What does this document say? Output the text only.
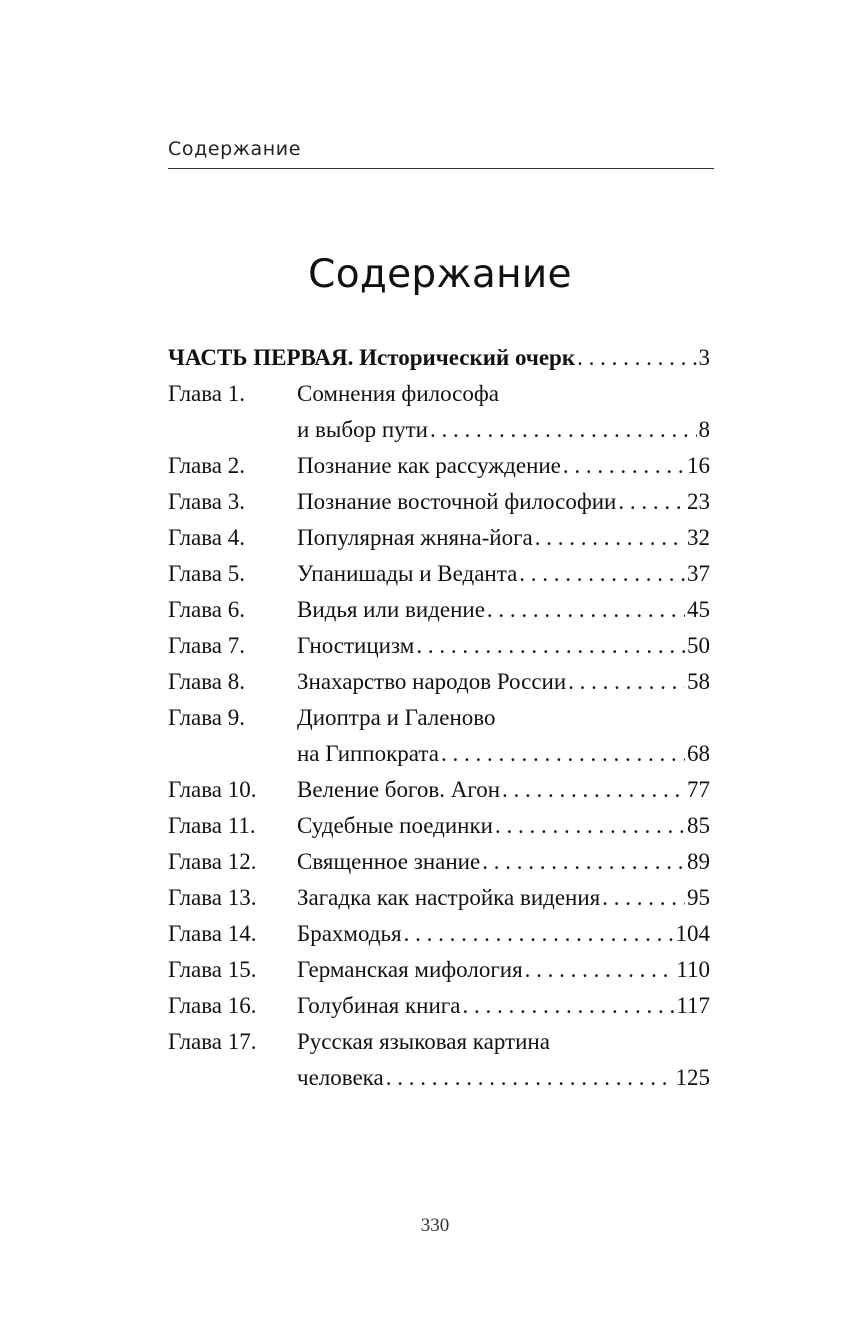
Содержание
Содержание
ЧАСТЬ ПЕРВАЯ. Исторический очерк . . .	3
Глава 1.	Сомнения философа
и выбор пути . . .	8
Глава 2.	Познание как рассуждение . . .	16
Глава 3.	Познание восточной философии . . .	23
Глава 4.	Популярная жняна-йога . . .	32
Глава 5.	Упанишады и Веданта . . .	37
Глава 6.	Видья или видение . . .	45
Глава 7.	Гностицизм . . .	50
Глава 8.	Знахарство народов России . . .	58
Глава 9.	Диоптра и Галеново
на Гиппократа . . .	68
Глава 10.	Веление богов. Агон . . .	77
Глава 11.	Судебные поединки . . .	85
Глава 12.	Священное знание . . .	89
Глава 13.	Загадка как настройка видения . . .	95
Глава 14.	Брахмодья . . .	104
Глава 15.	Германская мифология . . .	110
Глава 16.	Голубиная книга . . .	117
Глава 17.	Русская языковая картина
человека . . .	125
330
